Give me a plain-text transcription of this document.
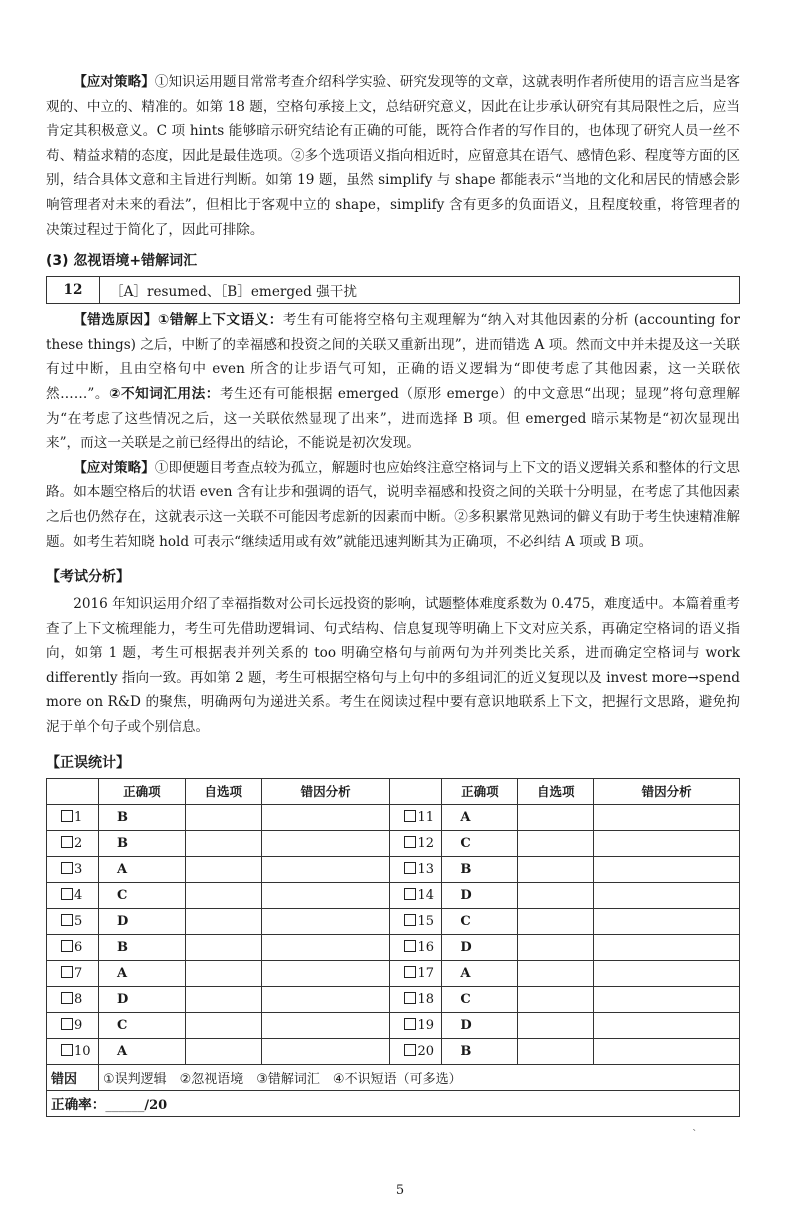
【应对策略】①知识运用题目常常考查介绍科学实验、研究发现等的文章，这就表明作者所使用的语言应当是客观的、中立的、精准的。如第 18 题，空格句承接上文，总结研究意义，因此在让步承认研究有其局限性之后，应当肯定其积极意义。C 项 hints 能够暗示研究结论有正确的可能，既符合作者的写作目的，也体现了研究人员一丝不苟、精益求精的态度，因此是最佳选项。②多个选项语义指向相近时，应留意其在语气、感情色彩、程度等方面的区别，结合具体文意和主旨进行判断。如第 19 题，虽然 simplify 与 shape 都能表示“当地的文化和居民的情感会影响管理者对未来的看法”，但相比于客观中立的 shape，simplify 含有更多的负面语义，且程度较重，将管理者的决策过程过于简化了，因此可排除。

(3) 忽视语境+错解词汇
12	［A］resumed、［B］emerged 强干扰

【错选原因】①错解上下文语义：考生有可能将空格句主观理解为“纳入对其他因素的分析 (accounting for these things) 之后，中断了的幸福感和投资之间的关联又重新出现”，进而错选 A 项。然而文中并未提及这一关联有过中断，且由空格句中 even 所含的让步语气可知，正确的语义逻辑为“即使考虑了其他因素，这一关联依然……”。②不知词汇用法：考生还有可能根据 emerged（原形 emerge）的中文意思“出现；显现”将句意理解为“在考虑了这些情况之后，这一关联依然显现了出来”，进而选择 B 项。但 emerged 暗示某物是“初次显现出来”，而这一关联是之前已经得出的结论，不能说是初次发现。

【应对策略】①即便题目考查点较为孤立，解题时也应始终注意空格词与上下文的语义逻辑关系和整体的行文思路。如本题空格后的状语 even 含有让步和强调的语气，说明幸福感和投资之间的关联十分明显，在考虑了其他因素之后也仍然存在，这就表示这一关联不可能因考虑新的因素而中断。②多积累常见熟词的僻义有助于考生快速精准解题。如考生若知晓 hold 可表示“继续适用或有效”就能迅速判断其为正确项，不必纠结 A 项或 B 项。

【考试分析】

2016 年知识运用介绍了幸福指数对公司长远投资的影响，试题整体难度系数为 0.475，难度适中。本篇着重考查了上下文梳理能力，考生可先借助逻辑词、句式结构、信息复现等明确上下文对应关系，再确定空格词的语义指向，如第 1 题，考生可根据表并列关系的 too 明确空格句与前两句为并列类比关系，进而确定空格词与 work differently 指向一致。再如第 2 题，考生可根据空格句与上句中的多组词汇的近义复现以及 invest more→spend more on R&D 的聚焦，明确两句为递进关系。考生在阅读过程中要有意识地联系上下文，把握行文思路，避免拘泥于单个句子或个别信息。

【正误统计】
	正确项	自选项	错因分析		正确项	自选项	错因分析
1	B			11	A		
2	B			12	C		
3	A			13	B		
4	C			14	D		
5	D			15	C		
6	B			16	D		
7	A			17	A		
8	D			18	C		
9	C			19	D		
10	A			20	B		
错因	①误判逻辑　②忽视语境　③错解词汇　④不识短语（可多选）						
正确率：______/20							
`
5
